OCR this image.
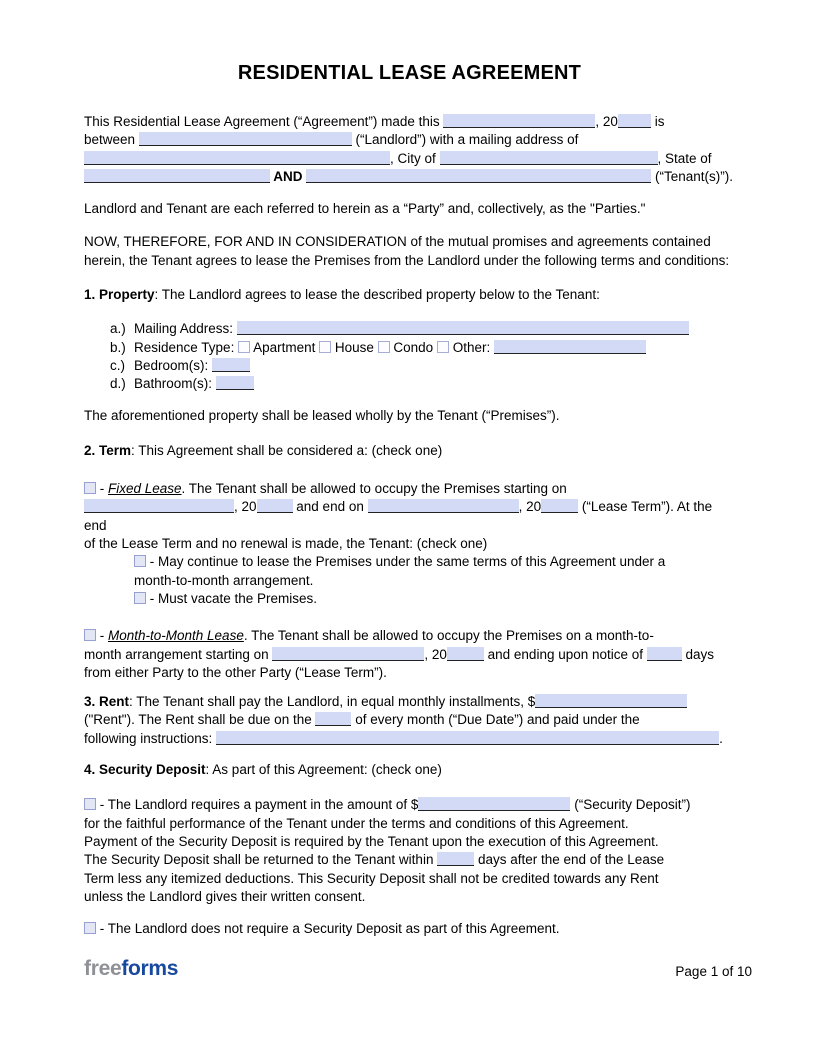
RESIDENTIAL LEASE AGREEMENT
This Residential Lease Agreement (“Agreement”) made this	, 20 is
between	(“Landlord”) with a mailing address of
, City of	, State of
AND	(“Tenant(s)”).
Landlord and Tenant are each referred to herein as a “Party” and, collectively, as the "Parties."
NOW, THEREFORE, FOR AND IN CONSIDERATION of the mutual promises and agreements contained herein, the Tenant agrees to lease the Premises from the Landlord under the following terms and conditions:
1. Property: The Landlord agrees to lease the described property below to the Tenant:
a.) Mailing Address:
b.) Residence Type:  Apartment  House  Condo  Other:
c.) Bedroom(s):
d.) Bathroom(s):
The aforementioned property shall be leased wholly by the Tenant (“Premises”).
2. Term: This Agreement shall be considered a: (check one)
- Fixed Lease. The Tenant shall be allowed to occupy the Premises starting on
, 20	and end on	, 20	(“Lease Term”). At the end
of the Lease Term and no renewal is made, the Tenant: (check one)
- May continue to lease the Premises under the same terms of this Agreement under a
month-to-month arrangement.
- Must vacate the Premises.
- Month-to-Month Lease. The Tenant shall be allowed to occupy the Premises on a month-to-
month arrangement starting on	, 20	and ending upon notice of	days
from either Party to the other Party (“Lease Term”).
3. Rent: The Tenant shall pay the Landlord, in equal monthly installments, $
("Rent"). The Rent shall be due on the	of every month (“Due Date”) and paid under the
following instructions:	.
4. Security Deposit: As part of this Agreement: (check one)
- The Landlord requires a payment in the amount of $	(“Security Deposit”)
for the faithful performance of the Tenant under the terms and conditions of this Agreement.
Payment of the Security Deposit is required by the Tenant upon the execution of this Agreement.
The Security Deposit shall be returned to the Tenant within	days after the end of the Lease
Term less any itemized deductions. This Security Deposit shall not be credited towards any Rent
unless the Landlord gives their written consent.
- The Landlord does not require a Security Deposit as part of this Agreement.
freeforms	Page 1 of 10
